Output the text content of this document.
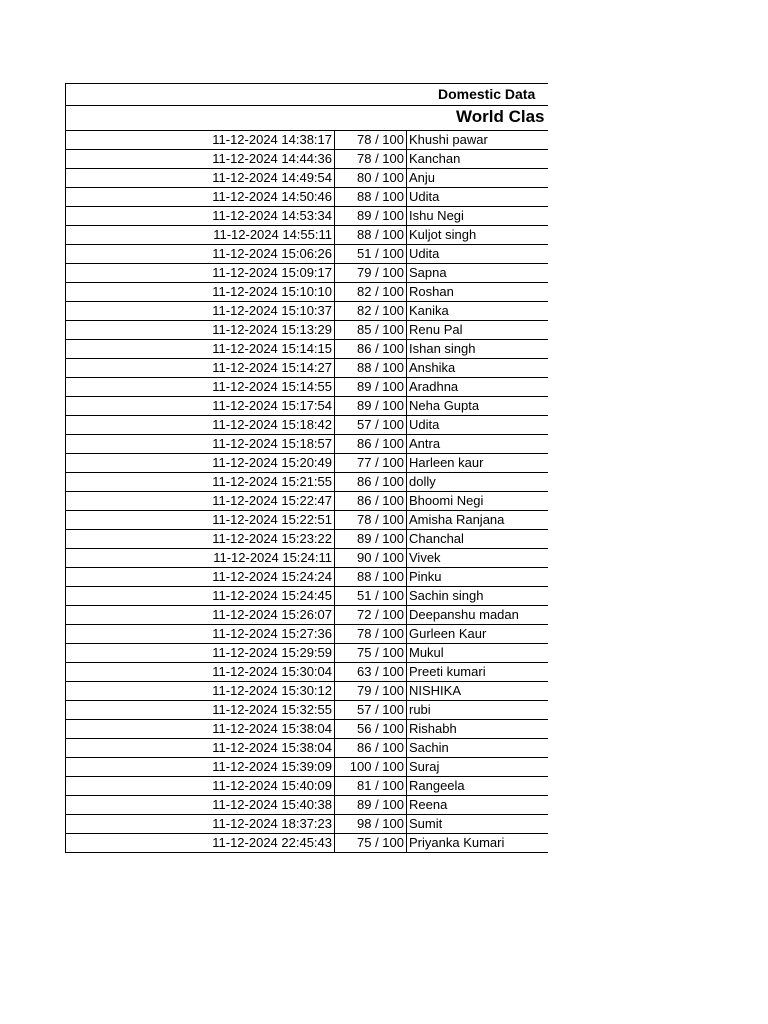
Domestic Data
World Clas
11-12-2024 14:38:17	78 / 100 Khushi pawar
11-12-2024 14:44:36	78 / 100 Kanchan
11-12-2024 14:49:54	80 / 100 Anju
11-12-2024 14:50:46	88 / 100 Udita
11-12-2024 14:53:34	89 / 100 Ishu Negi
11-12-2024 14:55:11	88 / 100 Kuljot singh
11-12-2024 15:06:26	51 / 100 Udita
11-12-2024 15:09:17	79 / 100 Sapna
11-12-2024 15:10:10	82 / 100 Roshan
11-12-2024 15:10:37	82 / 100 Kanika
11-12-2024 15:13:29	85 / 100 Renu Pal
11-12-2024 15:14:15	86 / 100 Ishan singh
11-12-2024 15:14:27	88 / 100 Anshika
11-12-2024 15:14:55	89 / 100 Aradhna
11-12-2024 15:17:54	89 / 100 Neha Gupta
11-12-2024 15:18:42	57 / 100 Udita
11-12-2024 15:18:57	86 / 100 Antra
11-12-2024 15:20:49	77 / 100 Harleen kaur
11-12-2024 15:21:55	86 / 100 dolly
11-12-2024 15:22:47	86 / 100 Bhoomi Negi
11-12-2024 15:22:51	78 / 100 Amisha Ranjana
11-12-2024 15:23:22	89 / 100 Chanchal
11-12-2024 15:24:11	90 / 100 Vivek
11-12-2024 15:24:24	88 / 100 Pinku
11-12-2024 15:24:45	51 / 100 Sachin singh
11-12-2024 15:26:07	72 / 100 Deepanshu madan
11-12-2024 15:27:36	78 / 100 Gurleen Kaur
11-12-2024 15:29:59	75 / 100 Mukul
11-12-2024 15:30:04	63 / 100 Preeti kumari
11-12-2024 15:30:12	79 / 100 NISHIKA
11-12-2024 15:32:55	57 / 100 rubi
11-12-2024 15:38:04	56 / 100 Rishabh
11-12-2024 15:38:04	86 / 100 Sachin
11-12-2024 15:39:09	100 / 100 Suraj
11-12-2024 15:40:09	81 / 100 Rangeela
11-12-2024 15:40:38	89 / 100 Reena
11-12-2024 18:37:23	98 / 100 Sumit
11-12-2024 22:45:43	75 / 100 Priyanka Kumari
